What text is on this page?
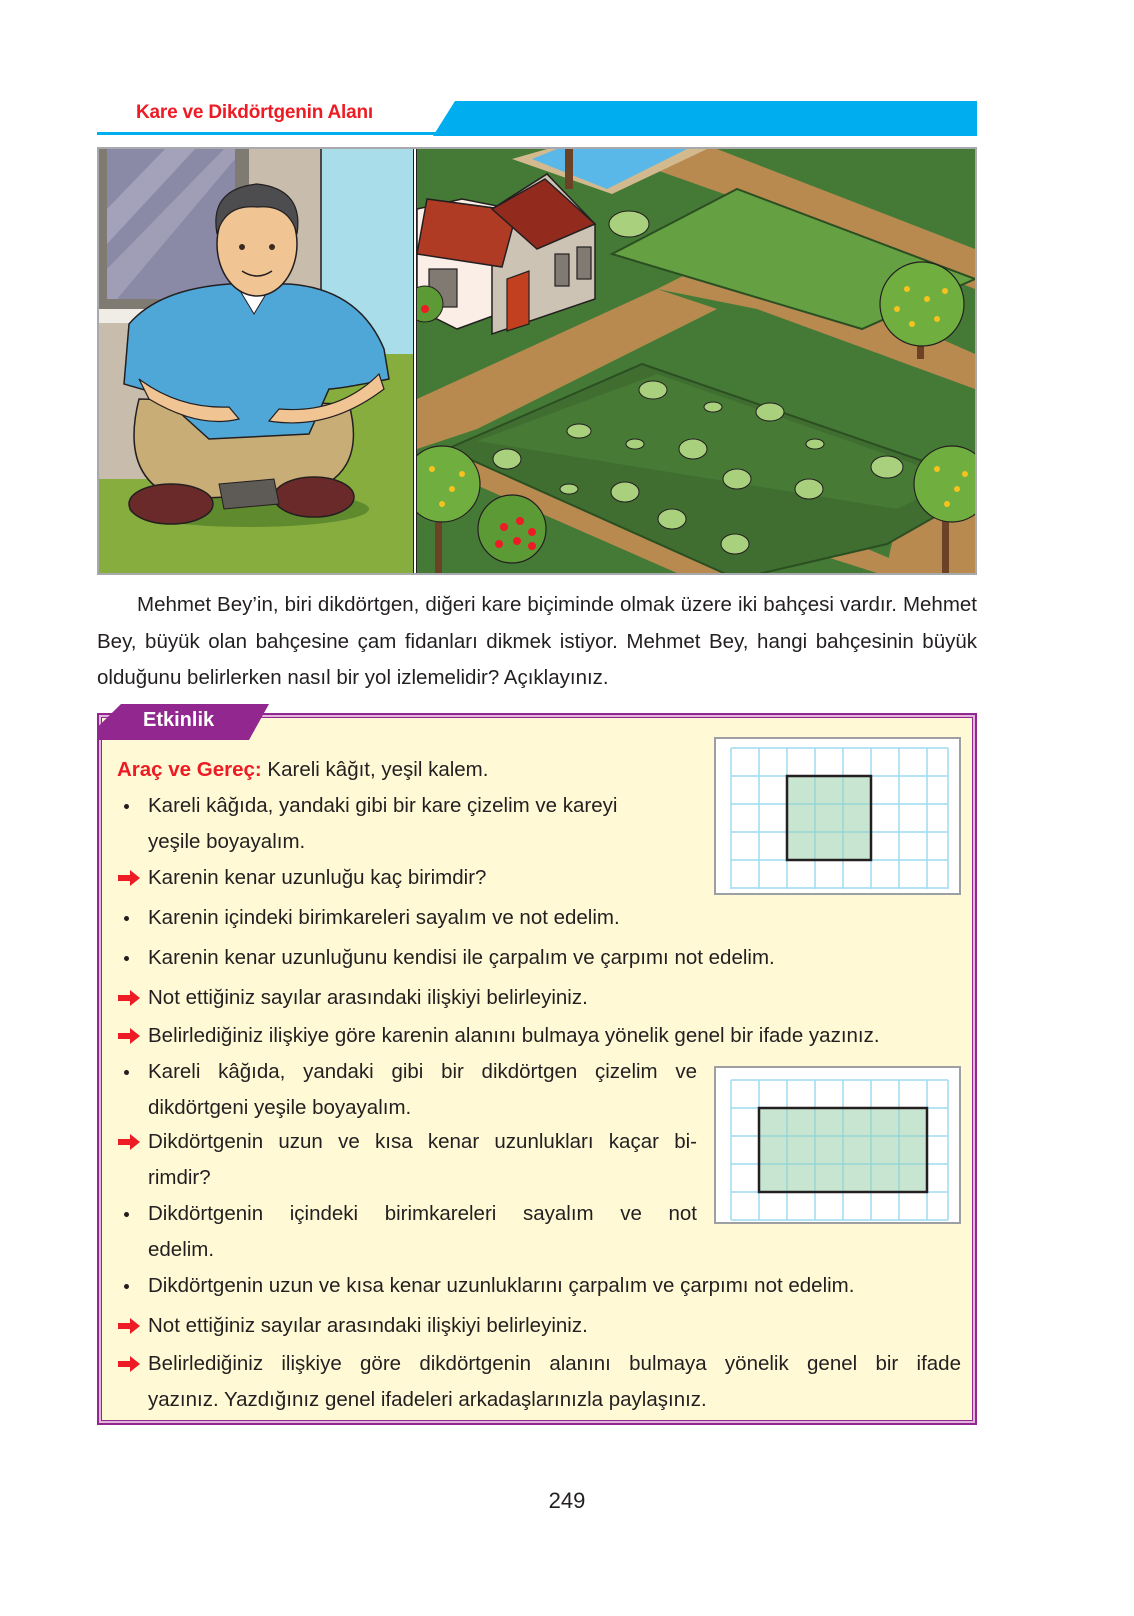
Kare ve Dikdörtgenin Alanı
Mehmet Bey’in, biri dikdörtgen, diğeri kare biçiminde olmak üzere iki bahçesi vardır. Mehmet Bey, büyük olan bahçesine çam fidanları dikmek istiyor. Mehmet Bey, hangi bahçesinin büyük olduğunu belirlerken nasıl bir yol izlemelidir? Açıklayınız.
Etkinlik
Araç ve Gereç: Kareli kâğıt, yeşil kalem.
Kareli kâğıda, yandaki gibi bir kare çizelim ve kareyi
yeşile boyayalım.
Karenin kenar uzunluğu kaç birimdir?
Karenin içindeki birimkareleri sayalım ve not edelim.
Karenin kenar uzunluğunu kendisi ile çarpalım ve çarpımı not edelim.
Not ettiğiniz sayılar arasındaki ilişkiyi belirleyiniz.
Belirlediğiniz ilişkiye göre karenin alanını bulmaya yönelik genel bir ifade yazınız.
Kareli kâğıda, yandaki gibi bir dikdörtgen çizelim ve
dikdörtgeni yeşile boyayalım.
Dikdörtgenin uzun ve kısa kenar uzunlukları kaçar bi-
rimdir?
Dikdörtgenin içindeki birimkareleri sayalım ve not
edelim.
Dikdörtgenin uzun ve kısa kenar uzunluklarını çarpalım ve çarpımı not edelim.
Not ettiğiniz sayılar arasındaki ilişkiyi belirleyiniz.
Belirlediğiniz ilişkiye göre dikdörtgenin alanını bulmaya yönelik genel bir ifade
yazınız. Yazdığınız genel ifadeleri arkadaşlarınızla paylaşınız.
249
